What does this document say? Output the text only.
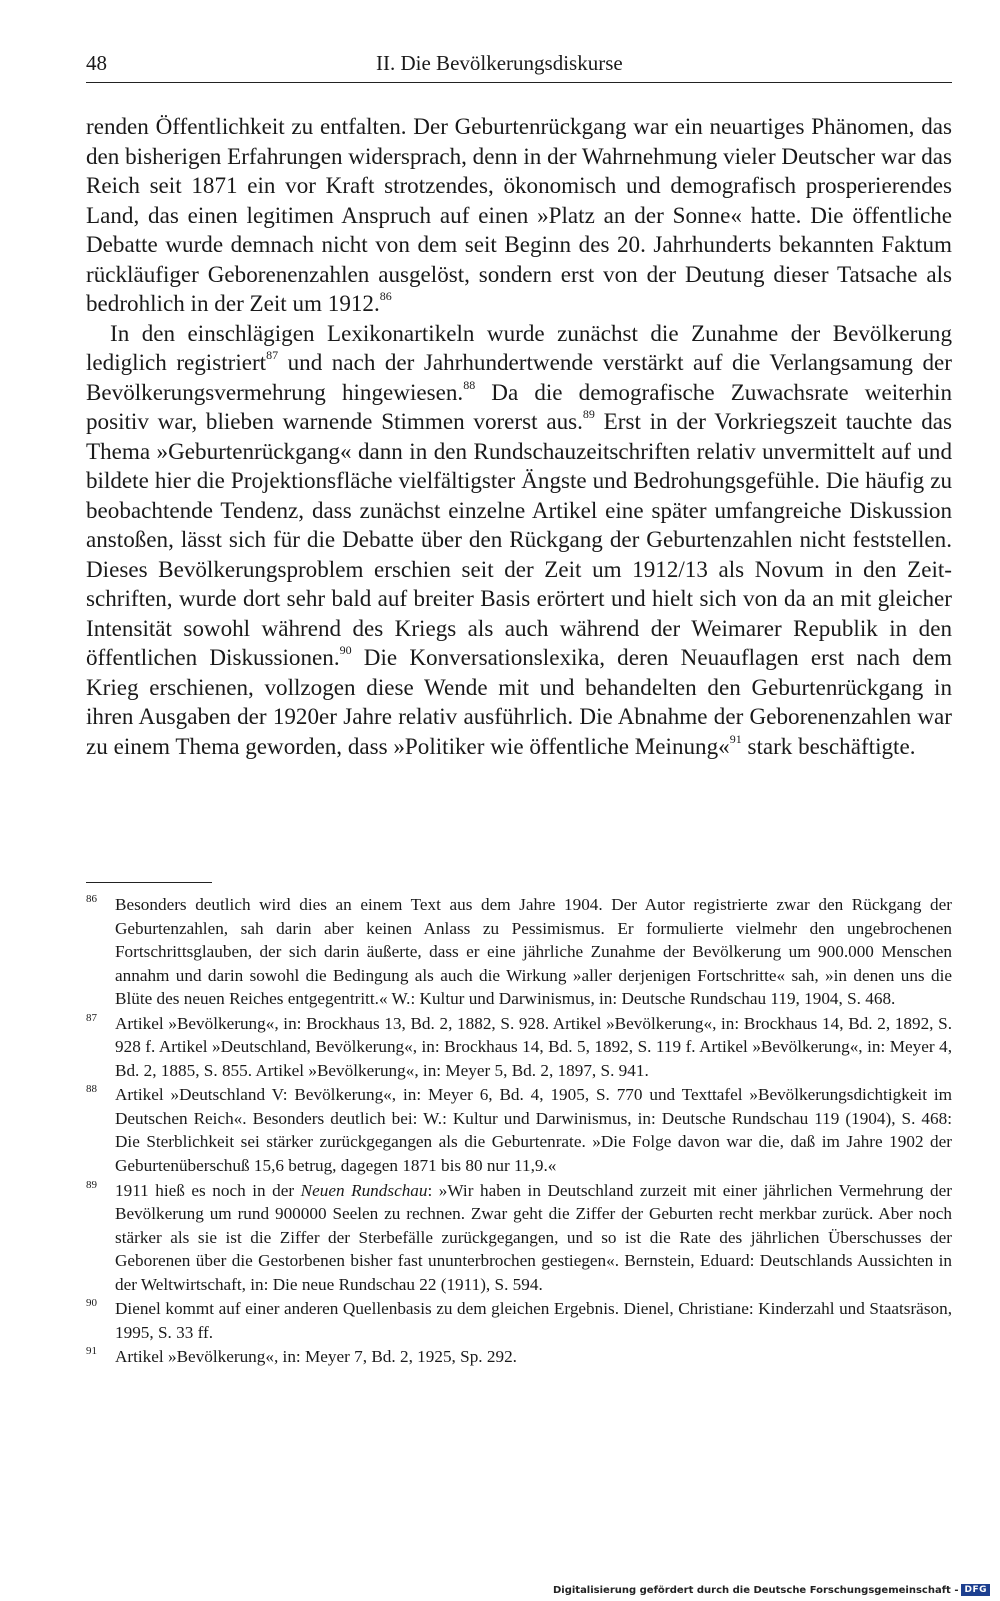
48	II. Die Bevölkerungsdiskurse

renden Öffentlichkeit zu entfalten. Der Geburtenrückgang war ein neuartiges Phänomen, das den bisherigen Erfahrungen widersprach, denn in der Wahrnehmung vieler Deutscher war das Reich seit 1871 ein vor Kraft strotzendes, ökonomisch und demografisch prosperierendes Land, das einen legitimen Anspruch auf einen »Platz an der Sonne« hatte. Die öffentliche Debatte wurde demnach nicht von dem seit Beginn des 20. Jahrhunderts bekannten Faktum rückläufiger Geborenenzahlen ausgelöst, sondern erst von der Deutung dieser Tatsache als bedrohlich in der Zeit um 1912.86

In den einschlägigen Lexikonartikeln wurde zunächst die Zunahme der Bevölkerung lediglich registriert$^{87}$ und nach der Jahrhundertwende verstärkt auf die Verlangsamung der Bevölkerungsvermehrung hingewiesen.$^{88}$ Da die demografische Zuwachsrate weiterhin positiv war, blieben warnende Stimmen vorerst aus.$^{89}$ Erst in der Vorkriegszeit tauchte das Thema »Geburtenrückgang« dann in den Rundschauzeitschriften relativ unvermittelt auf und bildete hier die Projektionsfläche vielfältigster Ängste und Bedrohungsgefühle. Die häufig zu beobachtende Tendenz, dass zunächst einzelne Artikel eine später umfangreiche Diskussion anstoßen, lässt sich für die Debatte über den Rückgang der Geburtenzahlen nicht feststellen. Dieses Bevölkerungsproblem erschien seit der Zeit um 1912/13 als Novum in den Zeitschriften, wurde dort sehr bald auf breiter Basis erörtert und hielt sich von da an mit gleicher Intensität sowohl während des Kriegs als auch während der Weimarer Republik in den öffentlichen Diskussionen.$^{90}$ Die Konversationslexika, deren Neuauflagen erst nach dem Krieg erschienen, vollzogen diese Wende mit und behandelten den Geburtenrückgang in ihren Ausgaben der 1920er Jahre relativ ausführlich. Die Abnahme der Geborenenzahlen war zu einem Thema geworden, dass »Politiker wie öffentliche Meinung«$^{91}$ stark beschäftigte.

86 Besonders deutlich wird dies an einem Text aus dem Jahre 1904. Der Autor registrierte zwar den Rückgang der Geburtenzahlen, sah darin aber keinen Anlass zu Pessimismus. Er formulierte vielmehr den ungebrochenen Fortschrittsglauben, der sich darin äußerte, dass er eine jährliche Zunahme der Bevölkerung um 900.000 Menschen annahm und darin sowohl die Bedingung als auch die Wirkung »aller derjenigen Fortschritte« sah, »in denen uns die Blüte des neuen Reiches entgegentritt.« W.: Kultur und Darwinismus, in: Deutsche Rundschau 119, 1904, S. 468.
87 Artikel »Bevölkerung«, in: Brockhaus 13, Bd. 2, 1882, S. 928. Artikel »Bevölkerung«, in: Brockhaus 14, Bd. 2, 1892, S. 928 f. Artikel »Deutschland, Bevölkerung«, in: Brockhaus 14, Bd. 5, 1892, S. 119 f. Artikel »Bevölkerung«, in: Meyer 4, Bd. 2, 1885, S. 855. Artikel »Bevölkerung«, in: Meyer 5, Bd. 2, 1897, S. 941.
88 Artikel »Deutschland V: Bevölkerung«, in: Meyer 6, Bd. 4, 1905, S. 770 und Texttafel »Bevölkerungsdichtigkeit im Deutschen Reich«. Besonders deutlich bei: W.: Kultur und Darwinismus, in: Deutsche Rundschau 119 (1904), S. 468: Die Sterblichkeit sei stärker zurückgegangen als die Geburtenrate. »Die Folge davon war die, daß im Jahre 1902 der Geburtenüberschuß 15,6 betrug, dagegen 1871 bis 80 nur 11,9.«
89 1911 hieß es noch in der Neuen Rundschau: »Wir haben in Deutschland zurzeit mit einer jährlichen Vermehrung der Bevölkerung um rund 900000 Seelen zu rechnen. Zwar geht die Ziffer der Geburten recht merkbar zurück. Aber noch stärker als sie ist die Ziffer der Sterbefälle zurückgegangen, und so ist die Rate des jährlichen Überschusses der Geborenen über die Gestorbenen bisher fast ununterbrochen gestiegen«. Bernstein, Eduard: Deutschlands Aussichten in der Weltwirtschaft, in: Die neue Rundschau 22 (1911), S. 594.
90 Dienel kommt auf einer anderen Quellenbasis zu dem gleichen Ergebnis. Dienel, Christiane: Kinderzahl und Staatsräson, 1995, S. 33 ff.
91 Artikel »Bevölkerung«, in: Meyer 7, Bd. 2, 1925, Sp. 292.
Digitalisierung gefördert durch die Deutsche Forschungsgemeinschaft - DFG
